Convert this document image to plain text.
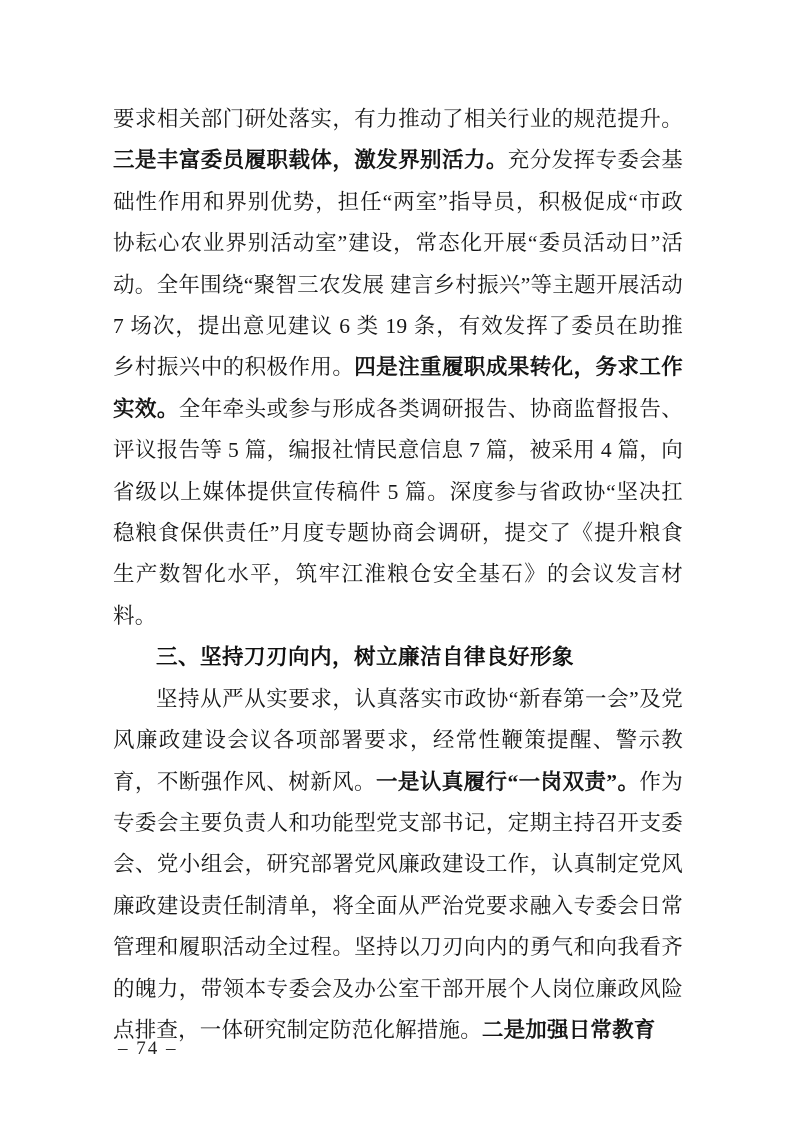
要求相关部门研处落实，有力推动了相关行业的规范提升。三是丰富委员履职载体，激发界别活力。充分发挥专委会基础性作用和界别优势，担任“两室”指导员，积极促成“市政协耘心农业界别活动室”建设，常态化开展“委员活动日”活动。全年围绕“聚智三农发展 建言乡村振兴”等主题开展活动 7 场次，提出意见建议 6 类 19 条，有效发挥了委员在助推乡村振兴中的积极作用。四是注重履职成果转化，务求工作实效。全年牵头或参与形成各类调研报告、协商监督报告、评议报告等 5 篇，编报社情民意信息 7 篇，被采用 4 篇，向省级以上媒体提供宣传稿件 5 篇。深度参与省政协“坚决扛稳粮食保供责任”月度专题协商会调研，提交了《提升粮食生产数智化水平，筑牢江淮粮仓安全基石》的会议发言材料。

三、坚持刀刃向内，树立廉洁自律良好形象

坚持从严从实要求，认真落实市政协“新春第一会”及党风廉政建设会议各项部署要求，经常性鞭策提醒、警示教育，不断强作风、树新风。一是认真履行“一岗双责”。作为专委会主要负责人和功能型党支部书记，定期主持召开支委会、党小组会，研究部署党风廉政建设工作，认真制定党风廉政建设责任制清单，将全面从严治党要求融入专委会日常管理和履职活动全过程。坚持以刀刃向内的勇气和向我看齐的魄力，带领本专委会及办公室干部开展个人岗位廉政风险点排查，一体研究制定防范化解措施。二是加强日常教育

– 74 –
